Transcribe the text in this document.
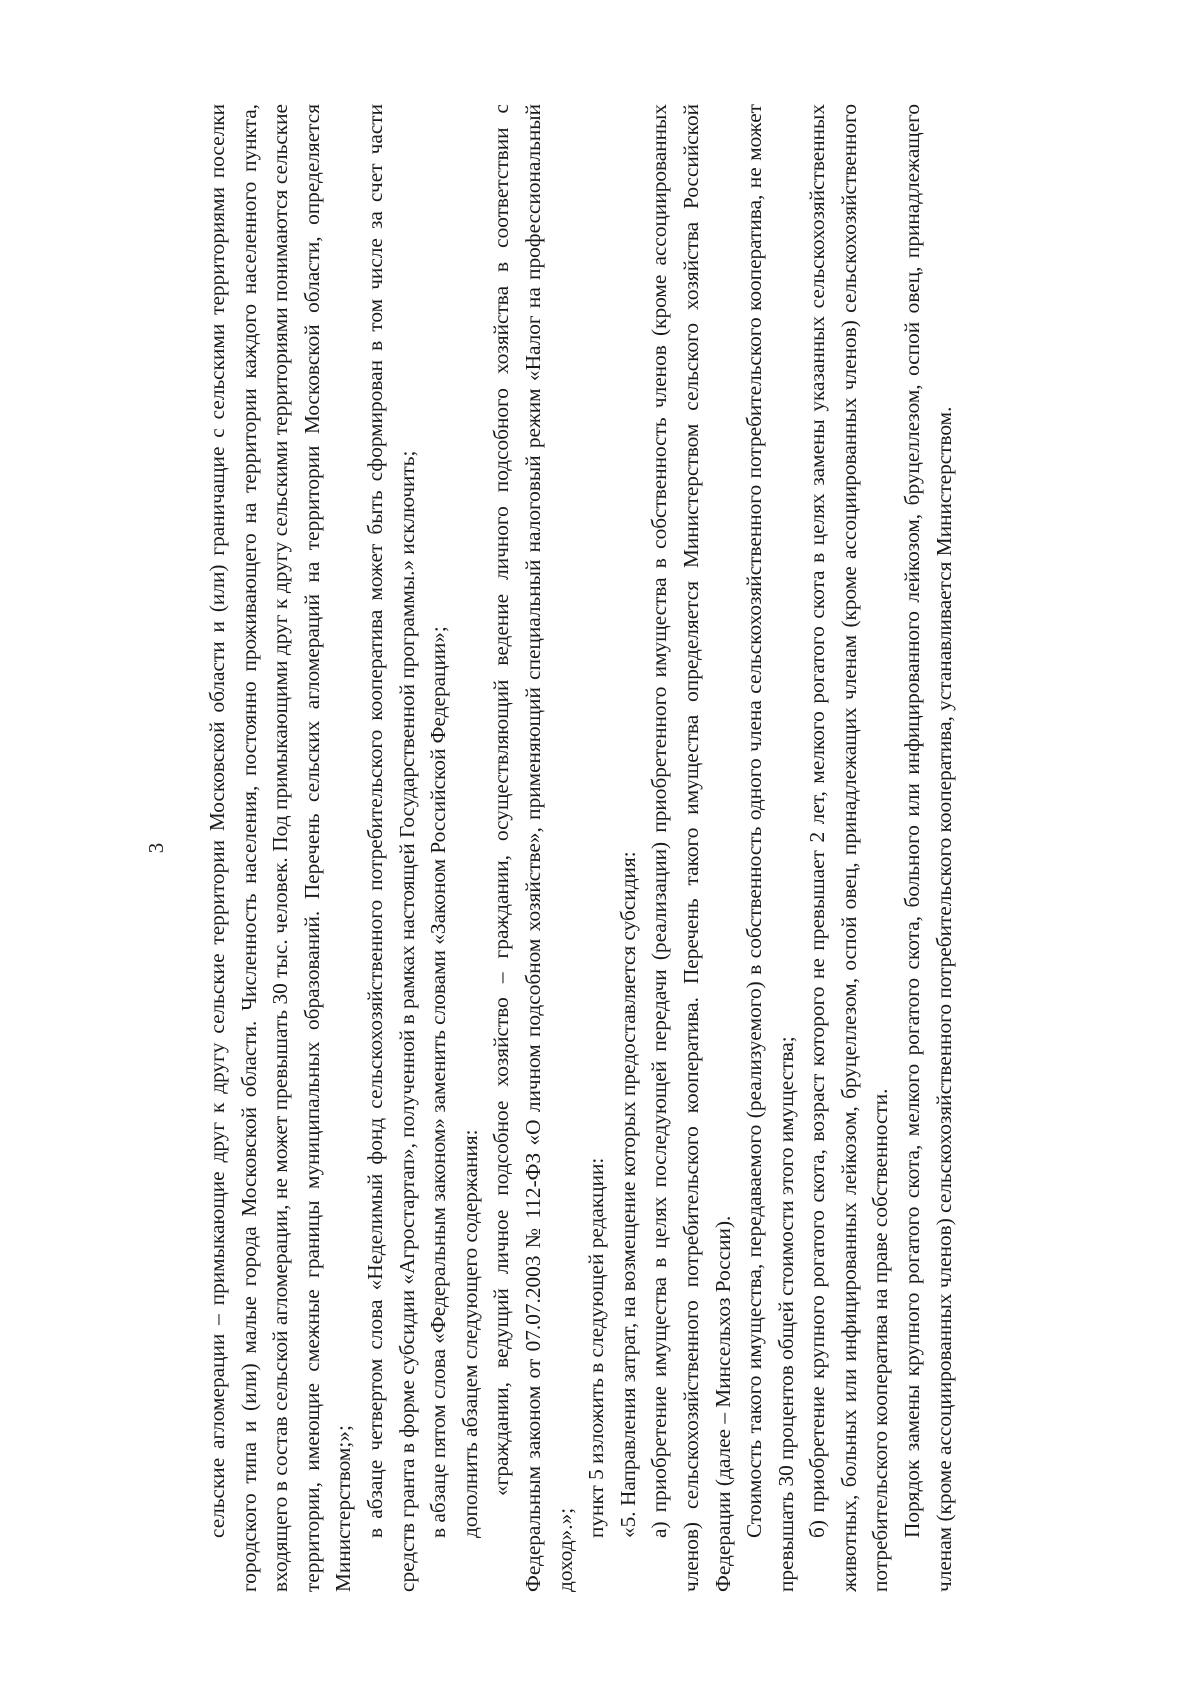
3 сельские агломерации – примыкающие друг к другу сельские территории Московской области и (или) граничащие с сельскими территориями поселки городского типа и (или) малые города Московской области. Численность населения, постоянно проживающего на территории каждого населенного пункта, входящего в состав сельской агломерации, не может превышать 30 тыс. человек. Под примыкающими друг к другу сельскими территориями понимаются сельские территории, имеющие смежные границы муниципальных образований. Перечень сельских агломераций на территории Московской области, определяется Министерством;»; в абзаце четвертом слова «Неделимый фонд сельскохозяйственного потребительского кооператива может быть сформирован в том числе за счет части средств гранта в форме субсидии «Агростартап», полученной в рамках настоящей Государственной программы.» исключить; в абзаце пятом слова «Федеральным законом» заменить словами «Законом Российской Федерации»; дополнить абзацем следующего содержания: «граждании, ведущий личное подсобное хозяйство – граждании, осуществляющий ведение личного подсобного хозяйства в соответствии с Федеральным законом от 07.07.2003 № 112-ФЗ «О личном подсобном хозяйстве», применяющий специальный налоговый режим «Налог на профессиональный доход».»;

пункт 5 изложить в следующей редакции: «5. Направления затрат, на возмещение которых предоставляется субсидия: а) приобретение имущества в целях последующей передачи (реализации) приобретенного имущества в собственность членов (кроме ассоциированных членов) сельскохозяйственного потребительского кооператива. Перечень такого имущества определяется Министерством сельского хозяйства Российской Федерации (далее – Минсельхоз России). Стоимость такого имущества, передаваемого (реализуемого) в собственность одного члена сельскохозяйственного потребительского кооператива, не может превышать 30 процентов общей стоимости этого имущества; б) приобретение крупного рогатого скота, возраст которого не превышает 2 лет, мелкого рогатого скота в целях замены указанных сельскохозяйственных животных, больных или инфицированных лейкозом, бруцеллезом, оспой овец, принадлежащих членам (кроме ассоциированных членов) сельскохозяйственного потребительского кооператива на праве собственности. Порядок замены крупного рогатого скота, мелкого рогатого скота, больного или инфицированного лейкозом, бруцеллезом, оспой овец, принадлежащего членам (кроме ассоциированных членов) сельскохозяйственного потребительского кооператива, устанавливается Министерством.
